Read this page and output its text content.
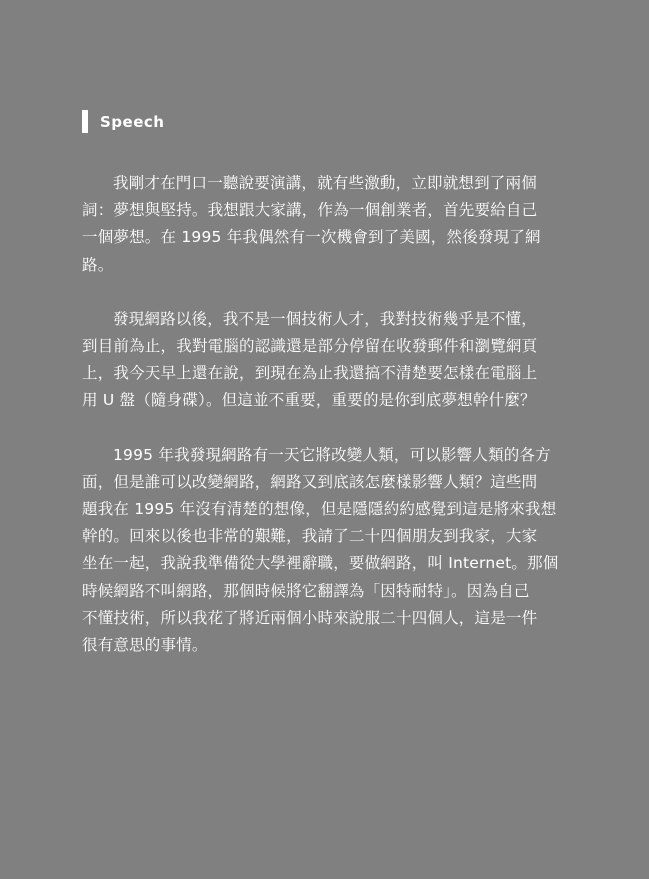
Speech

我剛才在門口一聽說要演講，就有些激動，立即就想到了兩個
詞：夢想與堅持。我想跟大家講，作為一個創業者，首先要給自己
一個夢想。在 1995 年我偶然有一次機會到了美國，然後發現了網
路。

發現網路以後，我不是一個技術人才，我對技術幾乎是不懂，
到目前為止，我對電腦的認識還是部分停留在收發郵件和瀏覽網頁
上，我今天早上還在說，到現在為止我還搞不清楚要怎樣在電腦上
用 U 盤（隨身碟）。但這並不重要，重要的是你到底夢想幹什麼？

1995 年我發現網路有一天它將改變人類，可以影響人類的各方
面，但是誰可以改變網路，網路又到底該怎麼樣影響人類？這些問
題我在 1995 年沒有清楚的想像，但是隱隱約約感覺到這是將來我想
幹的。回來以後也非常的艱難，我請了二十四個朋友到我家，大家
坐在一起，我說我準備從大學裡辭職，要做網路，叫 Internet。那個
時候網路不叫網路，那個時候將它翻譯為「因特耐特」。因為自己
不懂技術，所以我花了將近兩個小時來說服二十四個人，這是一件
很有意思的事情。
